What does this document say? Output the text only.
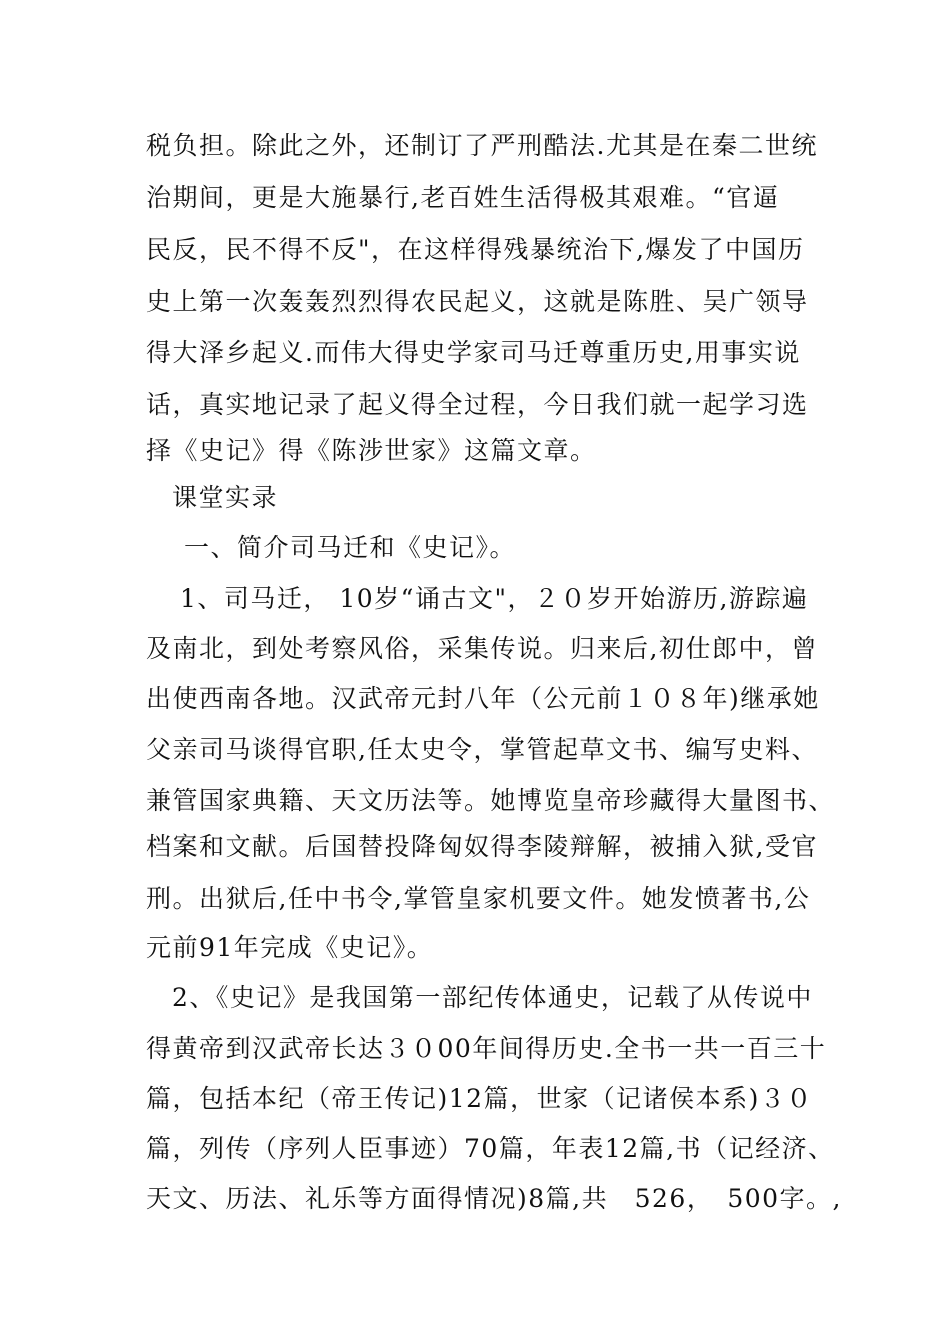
税负担。除此之外，还制订了严刑酷法.尤其是在秦二世统
治期间，更是大施暴行,老百姓生活得极其艰难。“官逼
民反，民不得不反"，在这样得残暴统治下,爆发了中国历
史上第一次轰轰烈烈得农民起义，这就是陈胜、吴广领导
得大泽乡起义.而伟大得史学家司马迁尊重历史,用事实说
话，真实地记录了起义得全过程，今日我们就一起学习选
择《史记》得《陈涉世家》这篇文章。
课堂实录
一、简介司马迁和《史记》。
1、司马迁， 10岁“诵古文"，２０岁开始游历,游踪遍
及南北，到处考察风俗，采集传说。归来后,初仕郎中，曾
出使西南各地。汉武帝元封八年（公元前１０８年)继承她
父亲司马谈得官职,任太史令，掌管起草文书、编写史料、
兼管国家典籍、天文历法等。她博览皇帝珍藏得大量图书、
档案和文献。后国替投降匈奴得李陵辩解，被捕入狱,受官
刑。出狱后,任中书令,掌管皇家机要文件。她发愤著书,公
元前91年完成《史记》。
2、《史记》是我国第一部纪传体通史，记载了从传说中
得黄帝到汉武帝长达３０00年间得历史.全书一共一百三十
篇，包括本纪（帝王传记)12篇，世家（记诸侯本系)３０
篇，列传（序列人臣事迹）70篇，年表12篇,书（记经济、
天文、历法、礼乐等方面得情况)8篇,共　526，　500字。,
